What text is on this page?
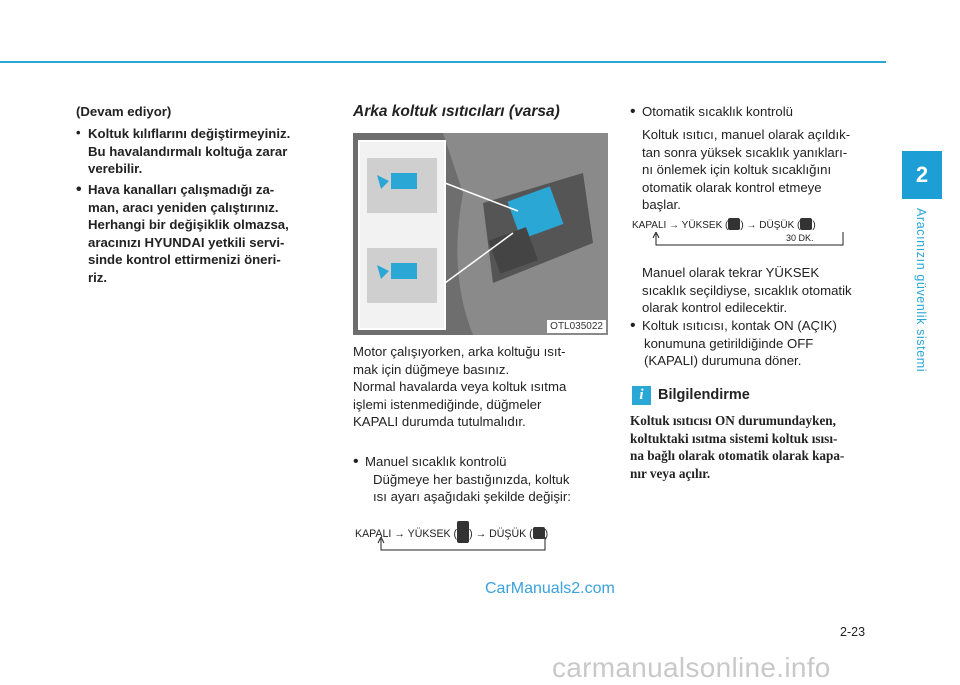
2
Aracınızın güvenlik sistemi

(Devam ediyor)

• Koltuk kılıflarını değiştirmeyiniz.

Bu havalandırmalı koltuğa zarar

verebilir.

• Hava kanalları çalışmadığı za-

man, aracı yeniden çalıştırınız.

Herhangi bir değişiklik olmazsa,

aracınızı HYUNDAI yetkili servi-

sinde kontrol ettirmenizi öneri-

riz.

Arka koltuk ısıtıcıları (varsa)

OTL035022

Motor çalışıyorken, arka koltuğu ısıt-

mak için düğmeye basınız.

Normal havalarda veya koltuk ısıtma

işlemi istenmediğinde, düğmeler

KAPALI durumda tutulmalıdır.

• Manuel sıcaklık kontrolü

Düğmeye her bastığınızda, koltuk

ısı ayarı aşağıdaki şekilde değişir:

KAPALI → YÜKSEK ( ) → DÜŞÜK ( )
• Otomatik sıcaklık kontrolü

Koltuk ısıtıcı, manuel olarak açıldık-

tan sonra yüksek sıcaklık yanıkları-

nı önlemek için koltuk sıcaklığını

otomatik olarak kontrol etmeye

başlar.

KAPALI → YÜKSEK ( ) → DÜŞÜK ( )
30 DK.

Manuel olarak tekrar YÜKSEK

sıcaklık seçildiyse, sıcaklık otomatik

olarak kontrol edilecektir.

• Koltuk ısıtıcısı, kontak ON (AÇIK)

konumuna getirildiğinde OFF

(KAPALI) durumuna döner.

Bilgilendirme

Koltuk ısıtıcısı ON durumundayken,

koltuktaki ısıtma sistemi koltuk ısısı-

na bağlı olarak otomatik olarak kapa-

nır veya açılır.

i
2-23
CarManuals2.com
carmanualsonline.info
